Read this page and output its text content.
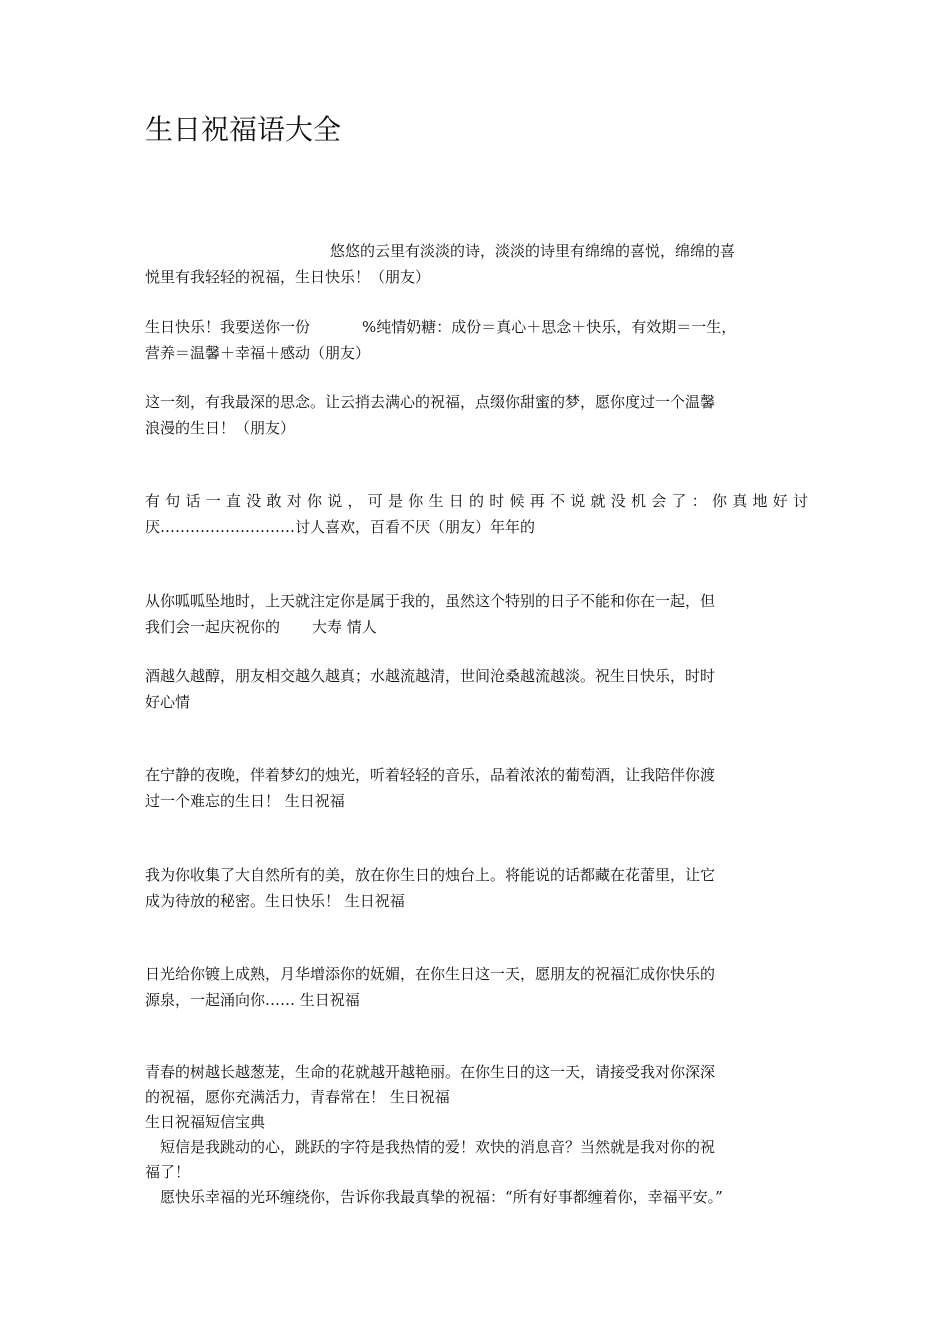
生日祝福语大全
悠悠的云里有淡淡的诗，淡淡的诗里有绵绵的喜悦，绵绵的喜
悦里有我轻轻的祝福，生日快乐！（朋友）
生日快乐！我要送你一份	%纯情奶糖：成份＝真心＋思念＋快乐，有效期＝一生，
营养＝温馨＋幸福＋感动（朋友）
这一刻，有我最深的思念。让云捎去满心的祝福，点缀你甜蜜的梦，愿你度过一个温馨
浪漫的生日！（朋友）
有句话一直没敢对你说，可是你生日的时候再不说就没机会了：你真地好讨
厌………………………讨人喜欢，百看不厌（朋友）年年的
从你呱呱坠地时，上天就注定你是属于我的，虽然这个特别的日子不能和你在一起，但
我们会一起庆祝你的 大寿 情人
酒越久越醇，朋友相交越久越真；水越流越清，世间沧桑越流越淡。祝生日快乐，时时
好心情
在宁静的夜晚，伴着梦幻的烛光，听着轻轻的音乐，品着浓浓的葡萄酒，让我陪伴你渡
过一个难忘的生日！ 生日祝福
我为你收集了大自然所有的美，放在你生日的烛台上。将能说的话都藏在花蕾里，让它
成为待放的秘密。生日快乐！ 生日祝福
日光给你镀上成熟，月华增添你的妩媚，在你生日这一天，愿朋友的祝福汇成你快乐的
源泉，一起涌向你…… 生日祝福
青春的树越长越葱茏，生命的花就越开越艳丽。在你生日的这一天，请接受我对你深深
的祝福，愿你充满活力，青春常在！ 生日祝福
生日祝福短信宝典
　短信是我跳动的心，跳跃的字符是我热情的爱！欢快的消息音？当然就是我对你的祝
福了！
　愿快乐幸福的光环缠绕你，告诉你我最真挚的祝福：“所有好事都缠着你，幸福平安。”
